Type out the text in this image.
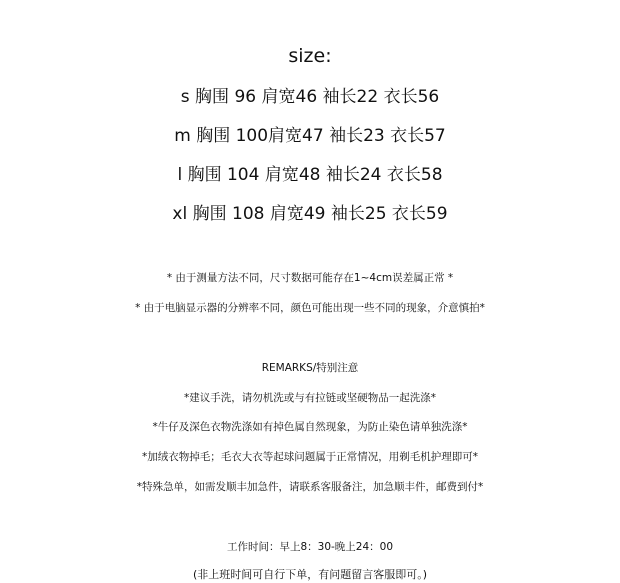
size:
s 胸围 96 肩宽46 袖长22 衣长56
m 胸围 100肩宽47 袖长23 衣长57
l 胸围 104 肩宽48 袖长24 衣长58
xl 胸围 108 肩宽49 袖长25 衣长59
* 由于测量方法不同，尺寸数据可能存在1~4cm误差属正常 *
* 由于电脑显示器的分辨率不同，颜色可能出现一些不同的现象，介意慎拍*
REMARKS/特别注意
*建议手洗，请勿机洗或与有拉链或坚硬物品一起洗涤*
*牛仔及深色衣物洗涤如有掉色属自然现象，为防止染色请单独洗涤*
*加绒衣物掉毛；毛衣大衣等起球问题属于正常情况，用剃毛机护理即可*
*特殊急单，如需发顺丰加急件，请联系客服备注，加急顺丰件，邮费到付*
工作时间：早上8：30-晚上24：00
(非上班时间可自行下单，有问题留言客服即可。)
